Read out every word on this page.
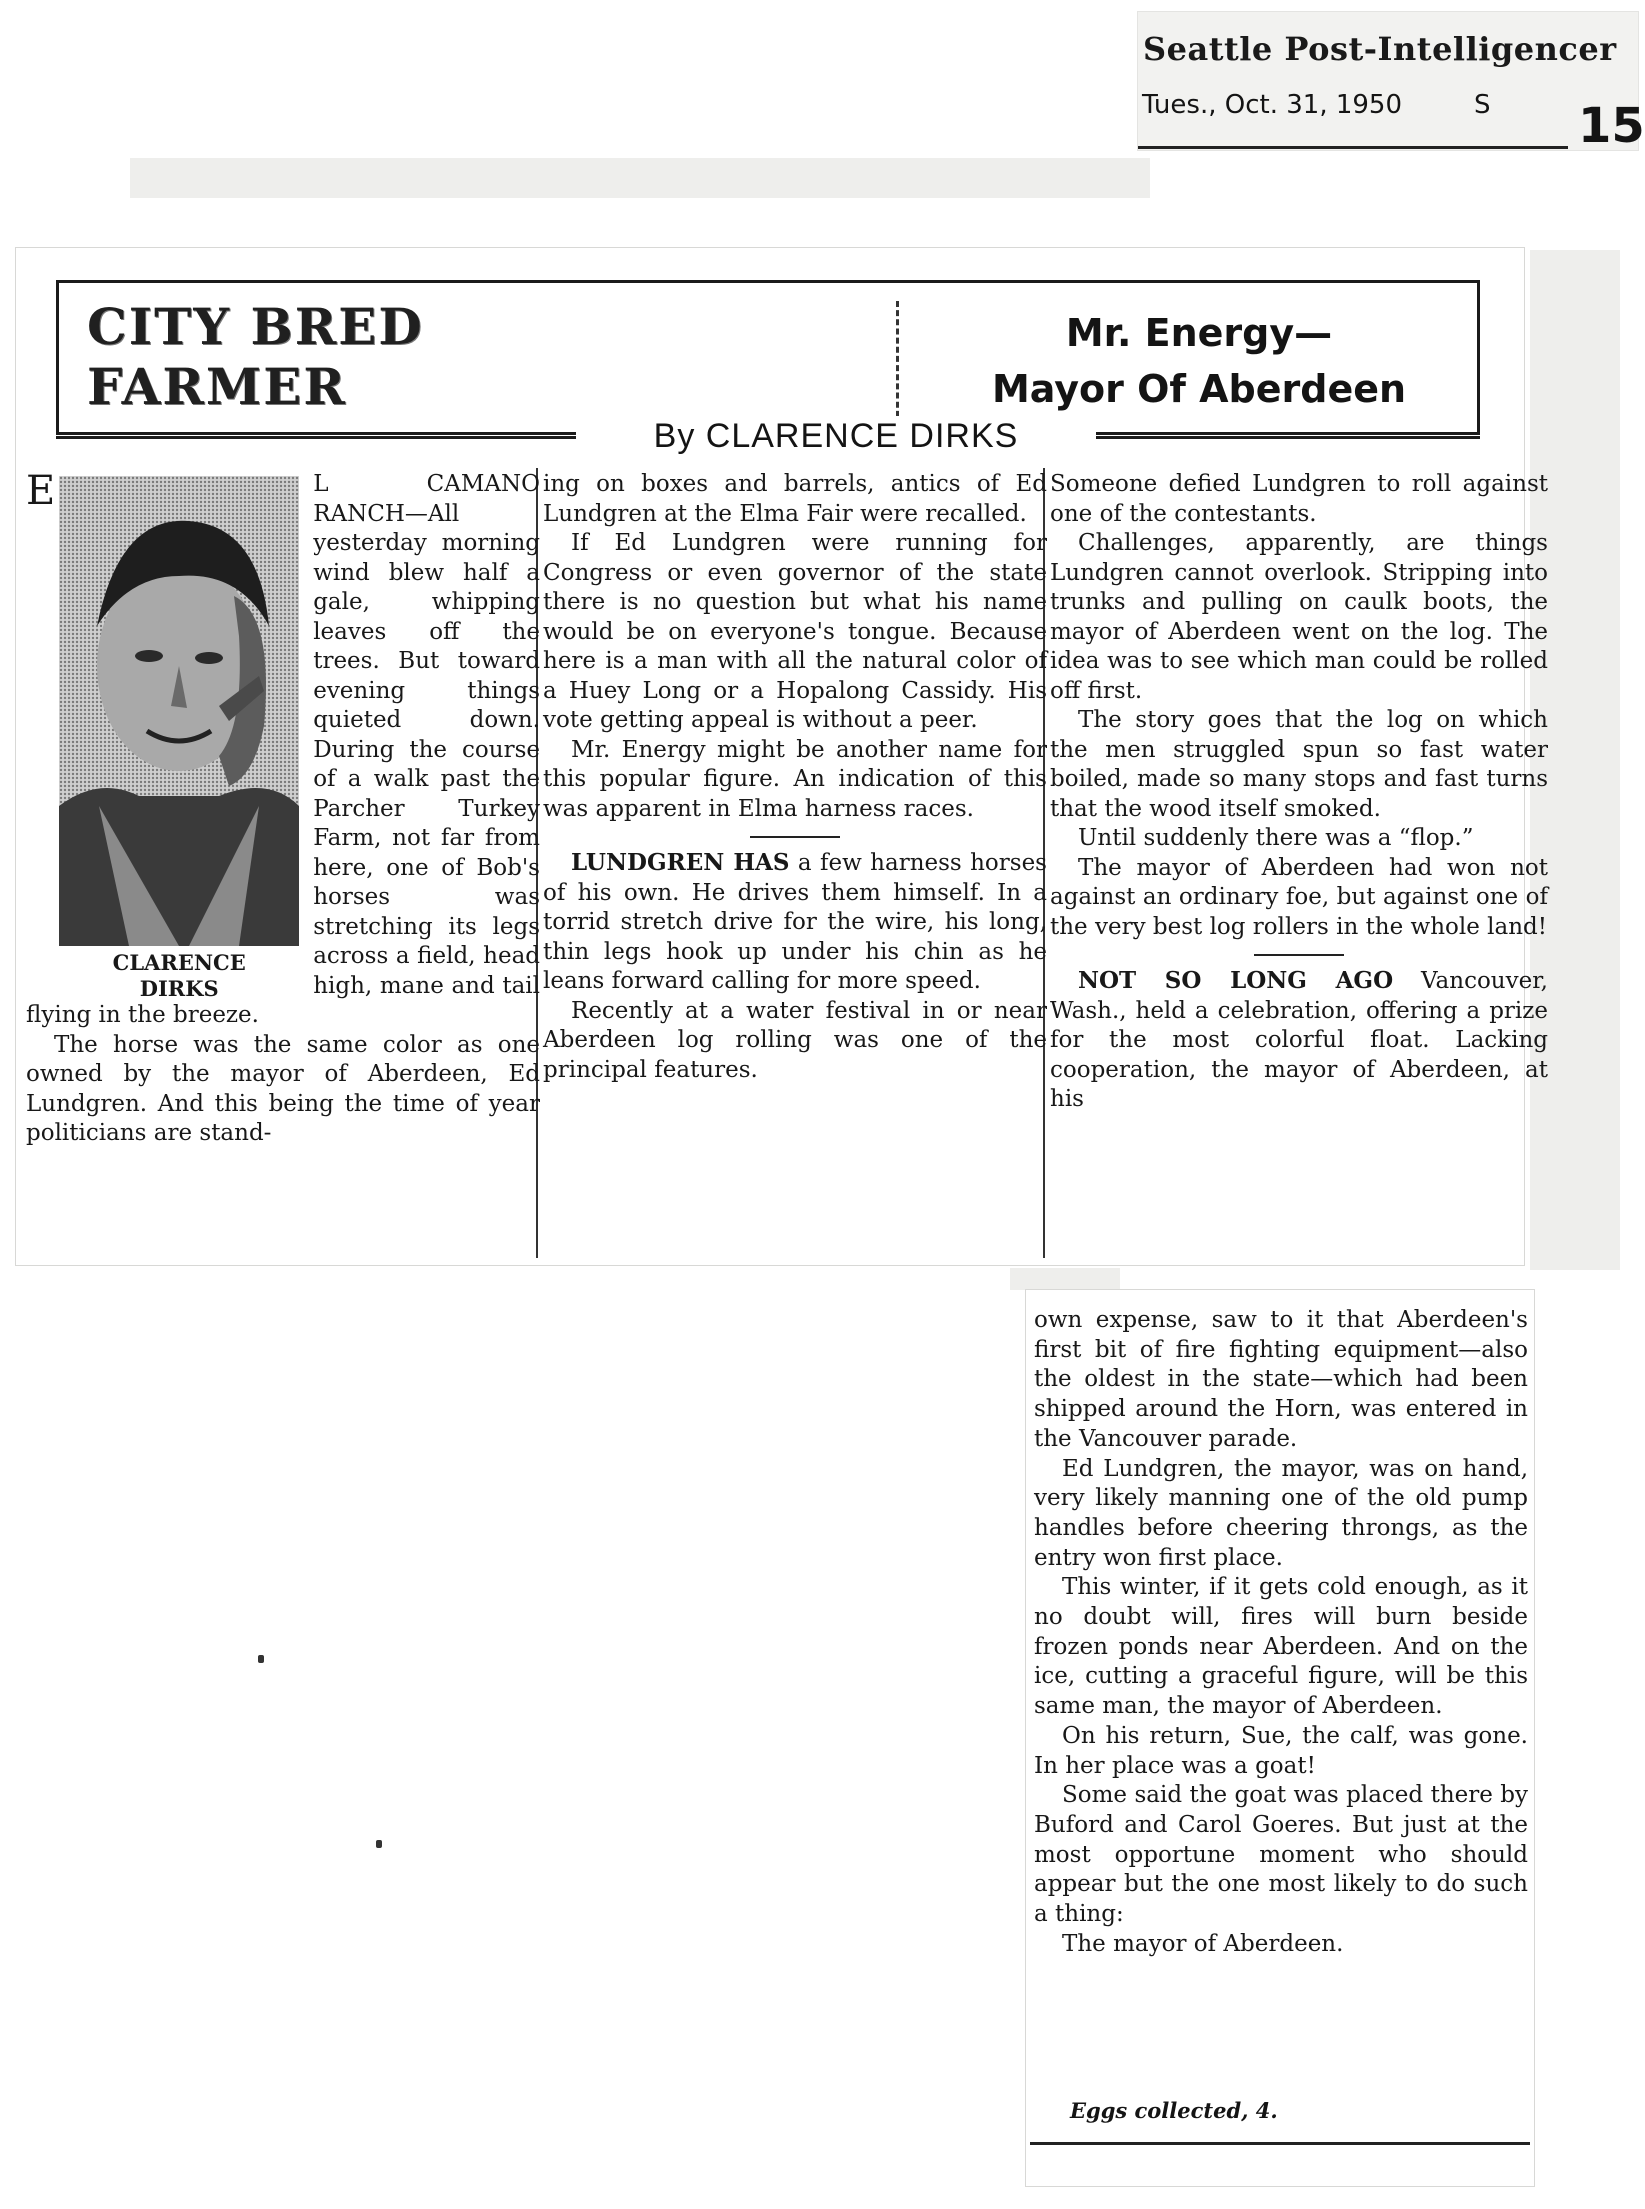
Seattle Post-Intelligencer
Tues., Oct. 31, 1950	S 15
CITY BRED
FARMER
Mr. Energy—
Mayor Of Aberdeen
By CLARENCE DIRKS

E
CLARENCE
DIRKS
L CAMANO RANCH—All yesterday morning wind blew half a gale, whipping leaves off the trees. But toward evening things quieted down. During the course of a walk past the Parcher Turkey Farm, not far from here, one of Bob's horses was stretching its legs across a field, head high, mane and tail flying in the breeze.

The horse was the same color as one owned by the mayor of Aberdeen, Ed Lundgren. And this being the time of year politicians are stand-

ing on boxes and barrels, antics of Ed Lundgren at the Elma Fair were recalled.

If Ed Lundgren were running for Congress or even governor of the state there is no question but what his name would be on everyone's tongue. Because here is a man with all the natural color of a Huey Long or a Hopalong Cassidy. His vote getting appeal is without a peer.

Mr. Energy might be another name for this popular figure. An indication of this was apparent in Elma harness races.

LUNDGREN HAS a few harness horses of his own. He drives them himself. In a torrid stretch drive for the wire, his long, thin legs hook up under his chin as he leans forward calling for more speed.

Recently at a water festival in or near Aberdeen log rolling was one of the principal features.

Someone defied Lundgren to roll against one of the contestants.

Challenges, apparently, are things Lundgren cannot overlook. Stripping into trunks and pulling on caulk boots, the mayor of Aberdeen went on the log. The idea was to see which man could be rolled off first.

The story goes that the log on which the men struggled spun so fast water boiled, made so many stops and fast turns that the wood itself smoked.

Until suddenly there was a “flop.”

The mayor of Aberdeen had won not against an ordinary foe, but against one of the very best log rollers in the whole land!

NOT SO LONG AGO Vancouver, Wash., held a celebration, offering a prize for the most colorful float. Lacking cooperation, the mayor of Aberdeen, at his

own expense, saw to it that Aberdeen's first bit of fire fighting equipment—also the oldest in the state—which had been shipped around the Horn, was entered in the Vancouver parade.

Ed Lundgren, the mayor, was on hand, very likely manning one of the old pump handles before cheering throngs, as the entry won first place.

This winter, if it gets cold enough, as it no doubt will, fires will burn beside frozen ponds near Aberdeen. And on the ice, cutting a graceful figure, will be this same man, the mayor of Aberdeen.

On his return, Sue, the calf, was gone. In her place was a goat!

Some said the goat was placed there by Buford and Carol Goeres. But just at the most opportune moment who should appear but the one most likely to do such a thing:

The mayor of Aberdeen.

Eggs collected, 4.
